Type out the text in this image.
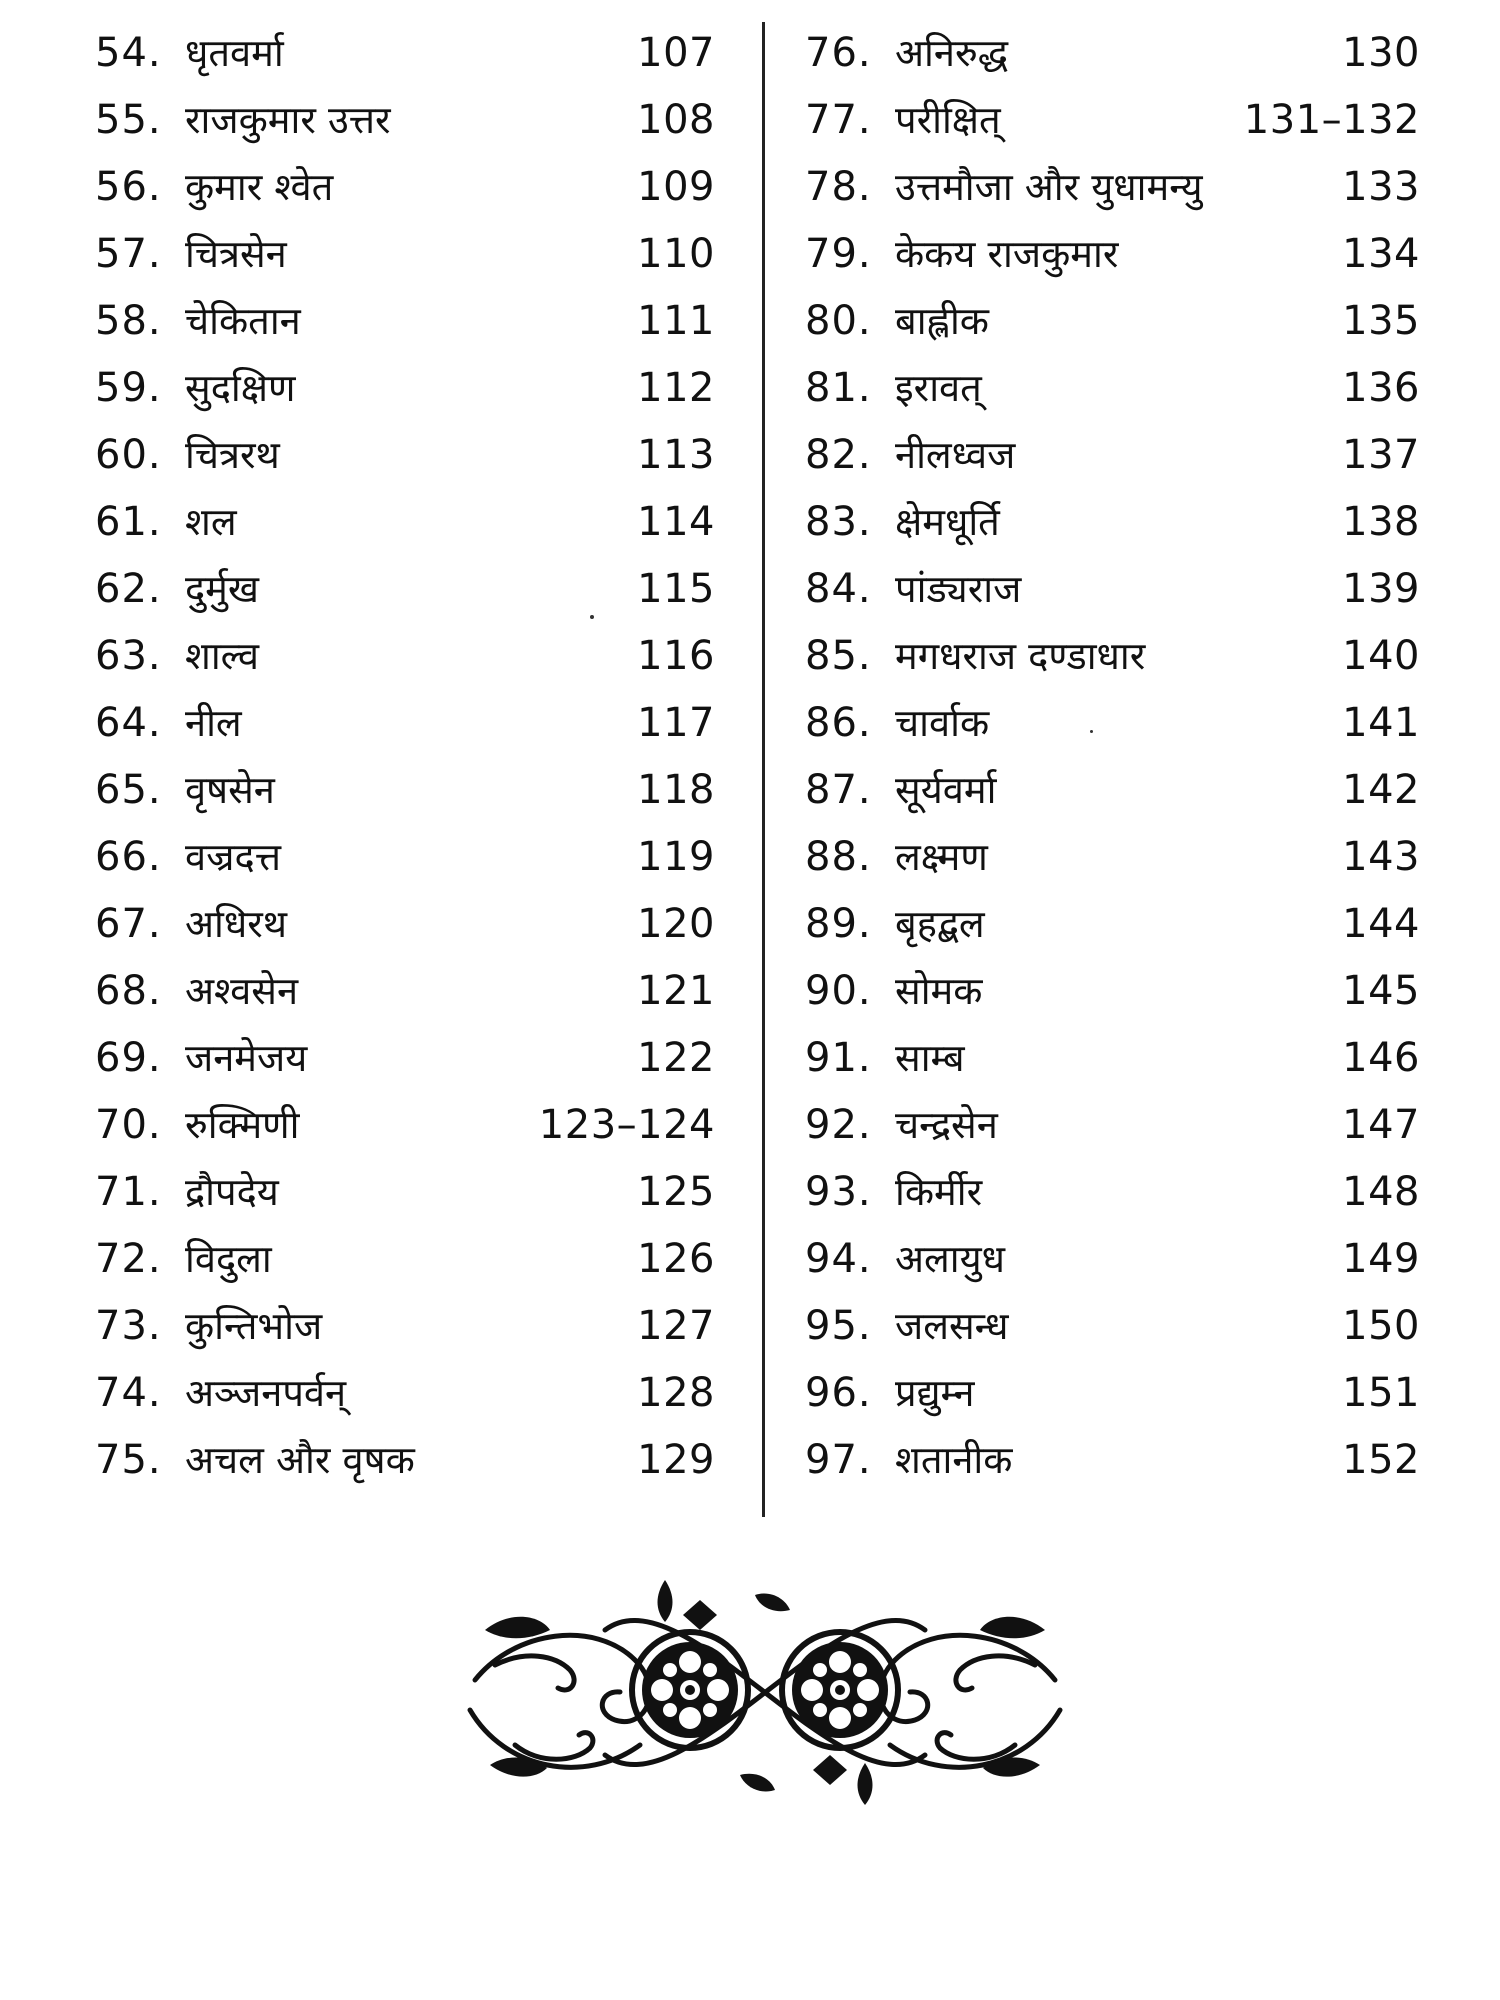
54. धृतवर्मा	107
55. राजकुमार उत्तर	108
56. कुमार श्वेत	109
57. चित्रसेन	110
58. चेकितान	111
59. सुदक्षिण	112
60. चित्ररथ	113
61. शल	114
62. दुर्मुख	115
63. शाल्व	116
64. नील	117
65. वृषसेन	118
66. वज्रदत्त	119
67. अधिरथ	120
68. अश्वसेन	121
69. जनमेजय	122
70. रुक्मिणी	123–124
71. द्रौपदेय	125
72. विदुला	126
73. कुन्तिभोज	127
74. अञ्जनपर्वन्	128
75. अचल और वृषक	129
76. अनिरुद्ध	130
77. परीक्षित्	131–132
78. उत्तमौजा और युधामन्यु	133
79. केकय राजकुमार	134
80. बाह्लीक	135
81. इरावत्	136
82. नीलध्वज	137
83. क्षेमधूर्ति	138
84. पांड्यराज	139
85. मगधराज दण्डाधार	140
86. चार्वाक	141
87. सूर्यवर्मा	142
88. लक्ष्मण	143
89. बृहद्बल	144
90. सोमक	145
91. साम्ब	146
92. चन्द्रसेन	147
93. किर्मीर	148
94. अलायुध	149
95. जलसन्ध	150
96. प्रद्युम्न	151
97. शतानीक	152
